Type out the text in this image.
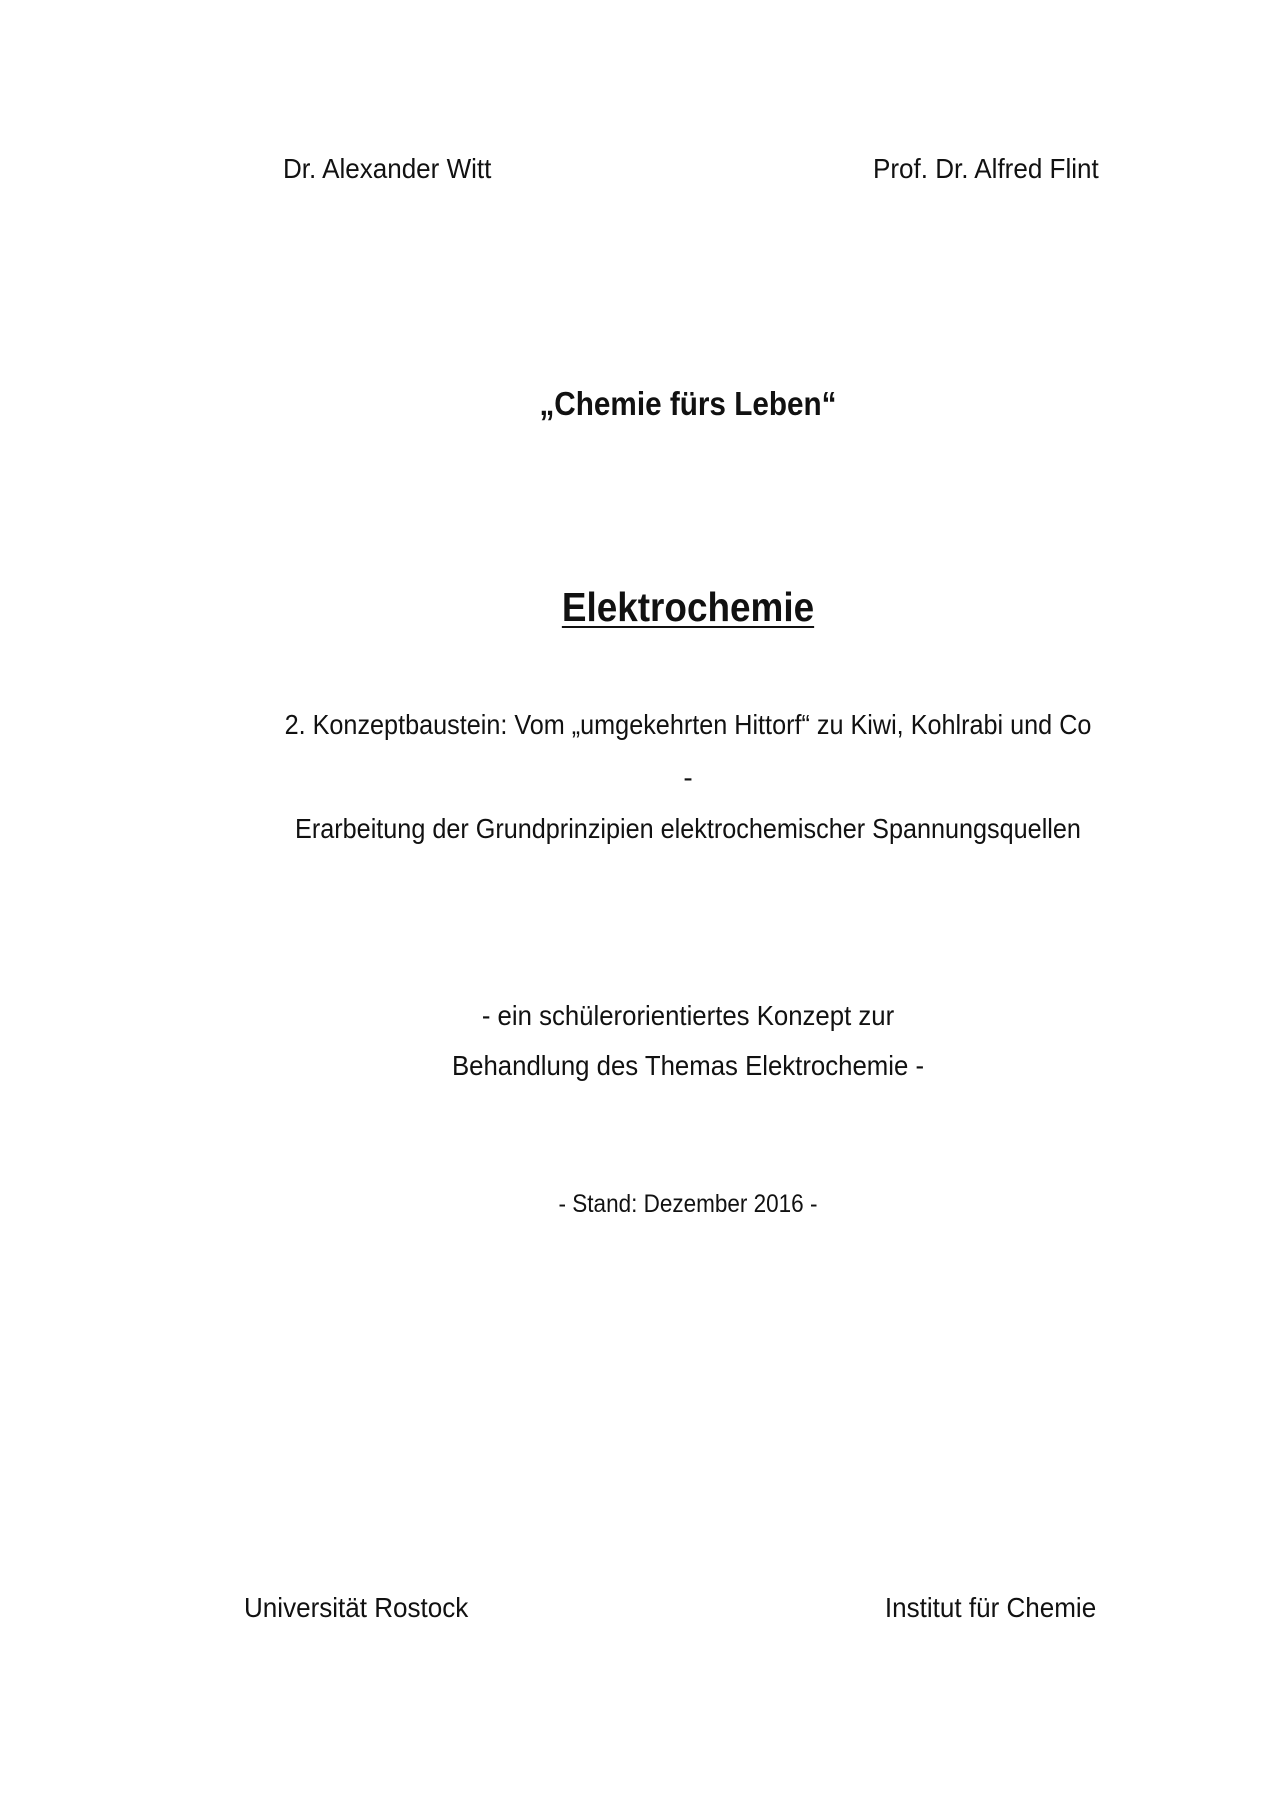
Dr. Alexander Witt	Prof. Dr. Alfred Flint
„Chemie fürs Leben“
Elektrochemie
2. Konzeptbaustein: Vom „umgekehrten Hittorf“ zu Kiwi, Kohlrabi und Co
-
Erarbeitung der Grundprinzipien elektrochemischer Spannungsquellen
- ein schülerorientiertes Konzept zur
Behandlung des Themas Elektrochemie -
- Stand: Dezember 2016 -
Universität Rostock	Institut für Chemie
